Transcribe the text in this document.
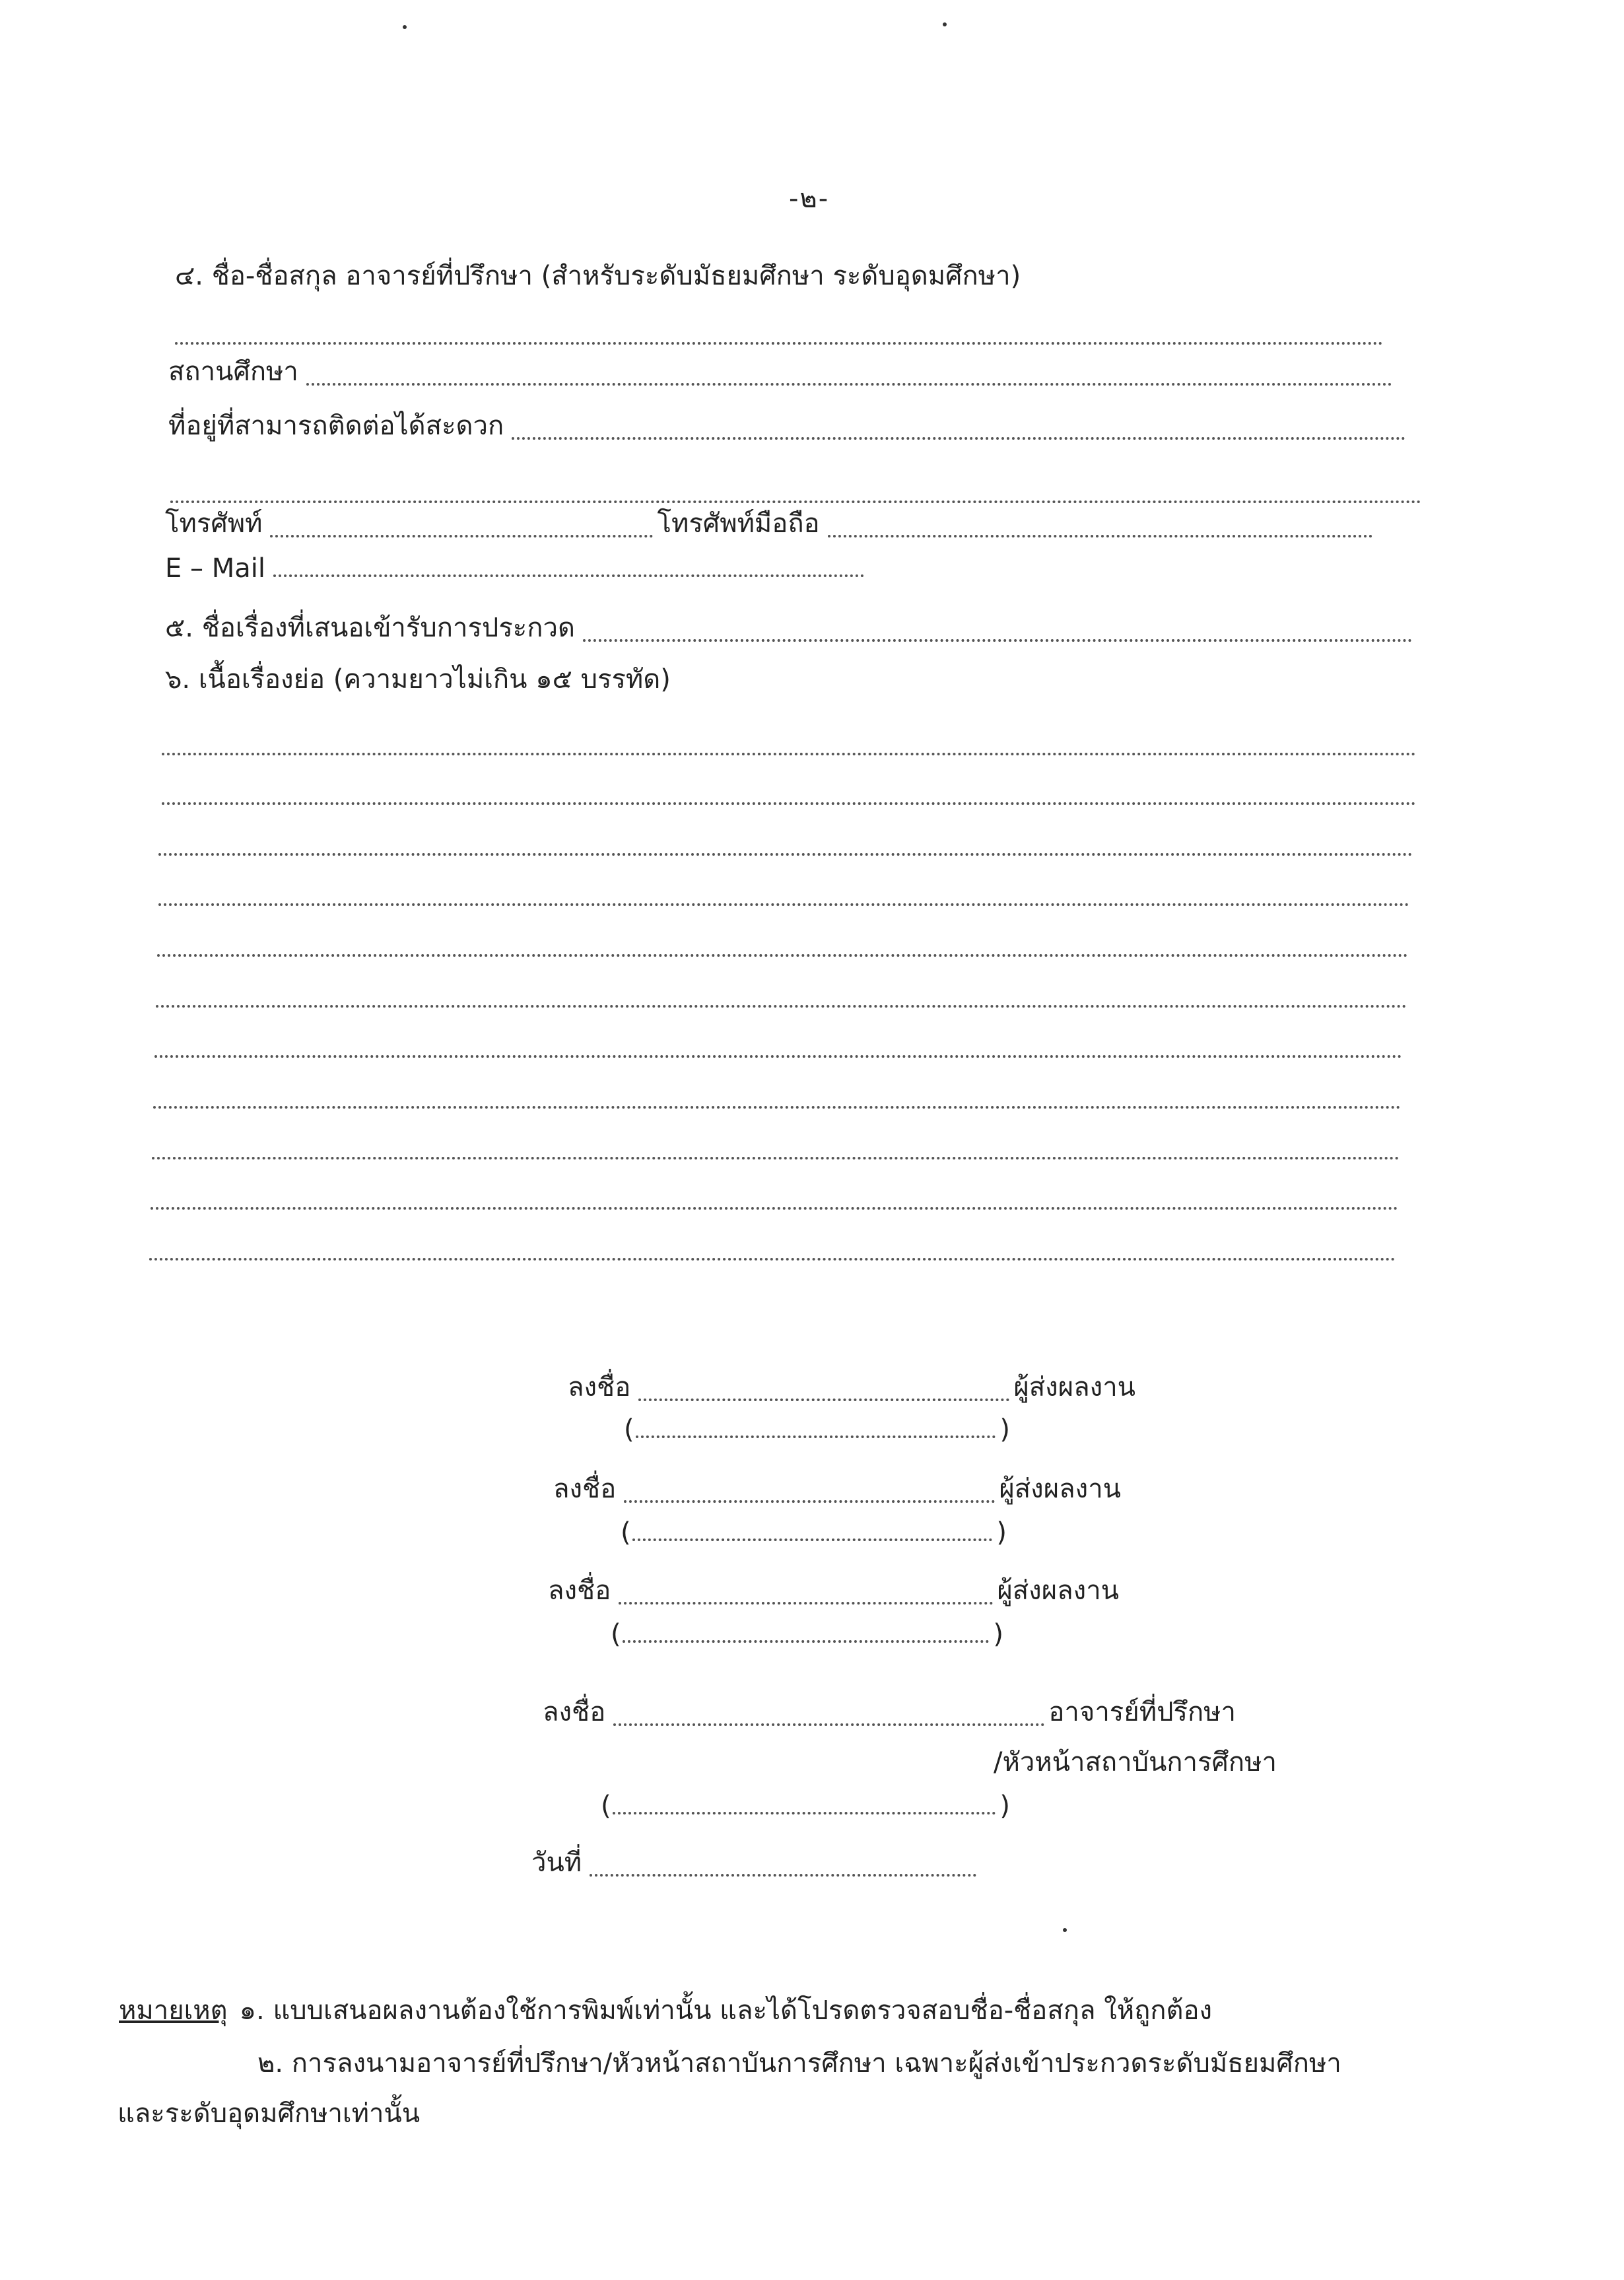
-๒-
๔. ชื่อ-ชื่อสกุล อาจารย์ที่ปรึกษา (สำหรับระดับมัธยมศึกษา ระดับอุดมศึกษา)
สถานศึกษา
ที่อยู่ที่สามารถติดต่อได้สะดวก
โทรศัพท์	โทรศัพท์มือถือ
E – Mail
๕. ชื่อเรื่องที่เสนอเข้ารับการประกวด
๖. เนื้อเรื่องย่อ (ความยาวไม่เกิน ๑๕ บรรทัด)
ลงชื่อ	ผู้ส่งผลงาน
(	)
ลงชื่อ	ผู้ส่งผลงาน
(	)
ลงชื่อ	ผู้ส่งผลงาน
(	)
ลงชื่อ	อาจารย์ที่ปรึกษา
/หัวหน้าสถาบันการศึกษา
(	)
วันที่
หมายเหตุ ๑. แบบเสนอผลงานต้องใช้การพิมพ์เท่านั้น และได้โปรดตรวจสอบชื่อ-ชื่อสกุล ให้ถูกต้อง
๒. การลงนามอาจารย์ที่ปรึกษา/หัวหน้าสถาบันการศึกษา เฉพาะผู้ส่งเข้าประกวดระดับมัธยมศึกษา
และระดับอุดมศึกษาเท่านั้น
